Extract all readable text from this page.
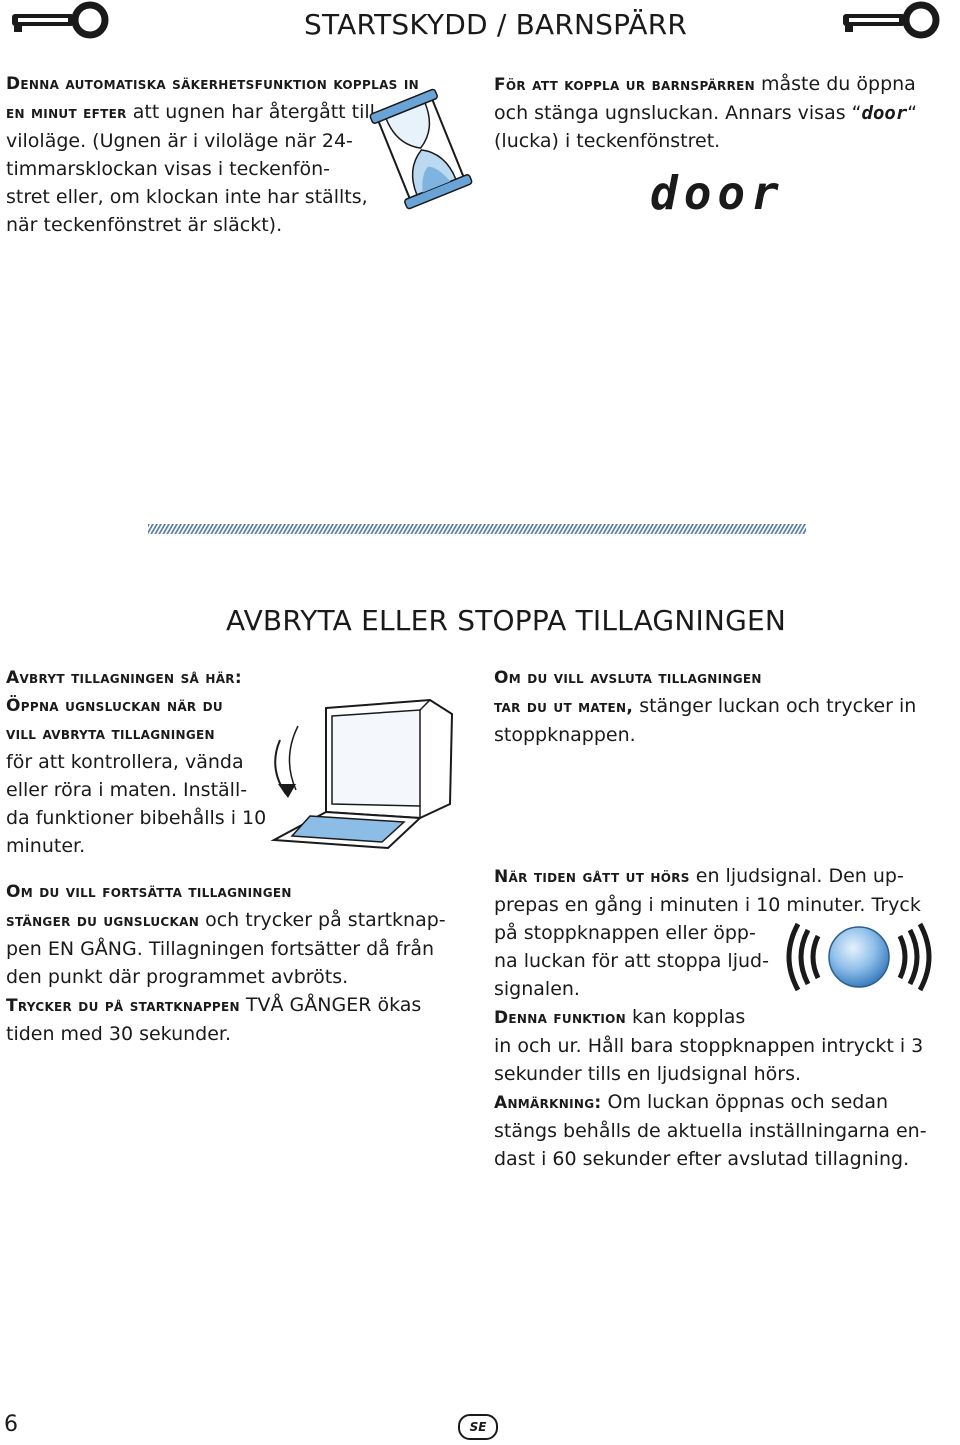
STARTSKYDD / BARNSPÄRR
Denna automatiska säkerhetsfunktion kopplas in
en minut efter att ugnen har återgått till
viloläge. (Ugnen är i viloläge när 24-
timmarsklockan visas i teckenfön-
stret eller, om klockan inte har ställts,
när teckenfönstret är släckt).
För att koppla ur barnspärren måste du öppna
och stänga ugnsluckan. Annars visas “door“
(lucka) i teckenfönstret.
door
AVBRYTA ELLER STOPPA TILLAGNINGEN
Avbryt tillagningen så här:
Öppna ugnsluckan när du
vill avbryta tillagningen
för att kontrollera, vända
eller röra i maten. Inställ-
da funktioner bibehålls i 10
minuter.
Om du vill fortsätta tillagningen
stänger du ugnsluckan och trycker på startknap-
pen EN GÅNG. Tillagningen fortsätter då från
den punkt där programmet avbröts.
Trycker du på startknappen TVÅ GÅNGER ökas
tiden med 30 sekunder.
Om du vill avsluta tillagningen
tar du ut maten, stänger luckan och trycker in
stoppknappen.
När tiden gått ut hörs en ljudsignal. Den up-
prepas en gång i minuten i 10 minuter. Tryck
på stoppknappen eller öpp-
na luckan för att stoppa ljud-
signalen.
Denna funktion kan kopplas
in och ur. Håll bara stoppknappen intryckt i 3
sekunder tills en ljudsignal hörs.
Anmärkning: Om luckan öppnas och sedan
stängs behålls de aktuella inställningarna en-
dast i 60 sekunder efter avslutad tillagning.
6	SE
